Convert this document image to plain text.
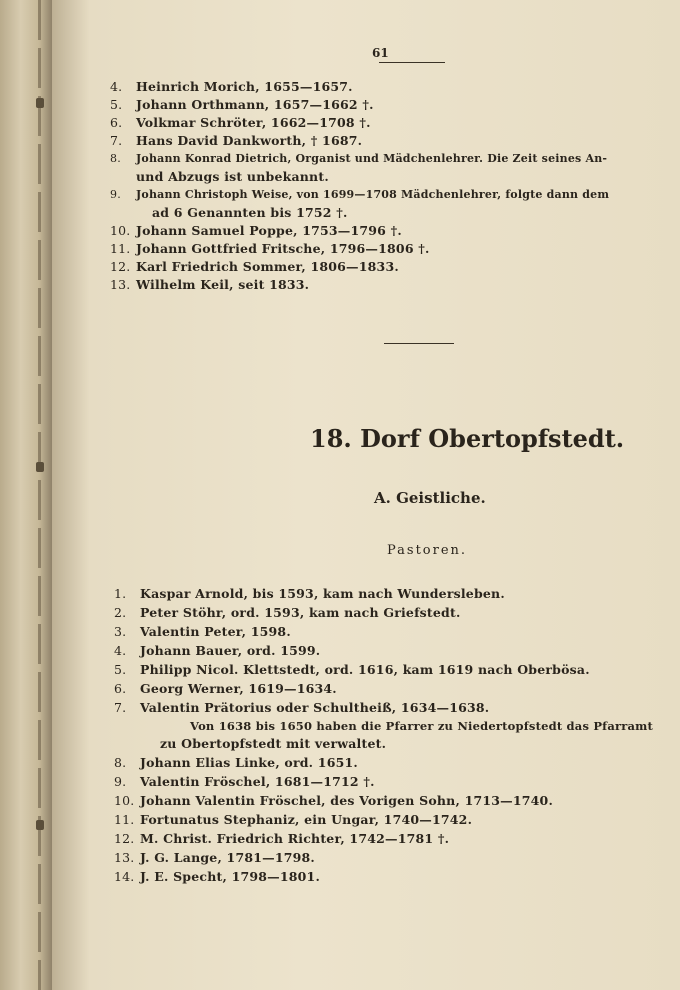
61
4. Heinrich Morich, 1655—1657.
5. Johann Orthmann, 1657—1662 †.
6. Volkmar Schröter, 1662—1708 †.
7. Hans David Dankworth, † 1687.
8. Johann Konrad Dietrich, Organist und Mädchenlehrer. Die Zeit seines An-
und Abzugs ist unbekannt.
9. Johann Christoph Weise, von 1699—1708 Mädchenlehrer, folgte dann dem
ad 6 Genannten bis 1752 †.
10. Johann Samuel Poppe, 1753—1796 †.
11. Johann Gottfried Fritsche, 1796—1806 †.
12. Karl Friedrich Sommer, 1806—1833.
13. Wilhelm Keil, seit 1833.
18. Dorf Obertopfstedt.
A. Geistliche.
Pastoren.
1. Kaspar Arnold, bis 1593, kam nach Wundersleben.
2. Peter Stöhr, ord. 1593, kam nach Griefstedt.
3. Valentin Peter, 1598.
4. Johann Bauer, ord. 1599.
5. Philipp Nicol. Klettstedt, ord. 1616, kam 1619 nach Oberbösa.
6. Georg Werner, 1619—1634.
7. Valentin Prätorius oder Schultheiß, 1634—1638.
Von 1638 bis 1650 haben die Pfarrer zu Niedertopfstedt das Pfarramt
zu Obertopfstedt mit verwaltet.
8. Johann Elias Linke, ord. 1651.
9. Valentin Fröschel, 1681—1712 †.
10. Johann Valentin Fröschel, des Vorigen Sohn, 1713—1740.
11. Fortunatus Stephaniz, ein Ungar, 1740—1742.
12. M. Christ. Friedrich Richter, 1742—1781 †.
13. J. G. Lange, 1781—1798.
14. J. E. Specht, 1798—1801.
